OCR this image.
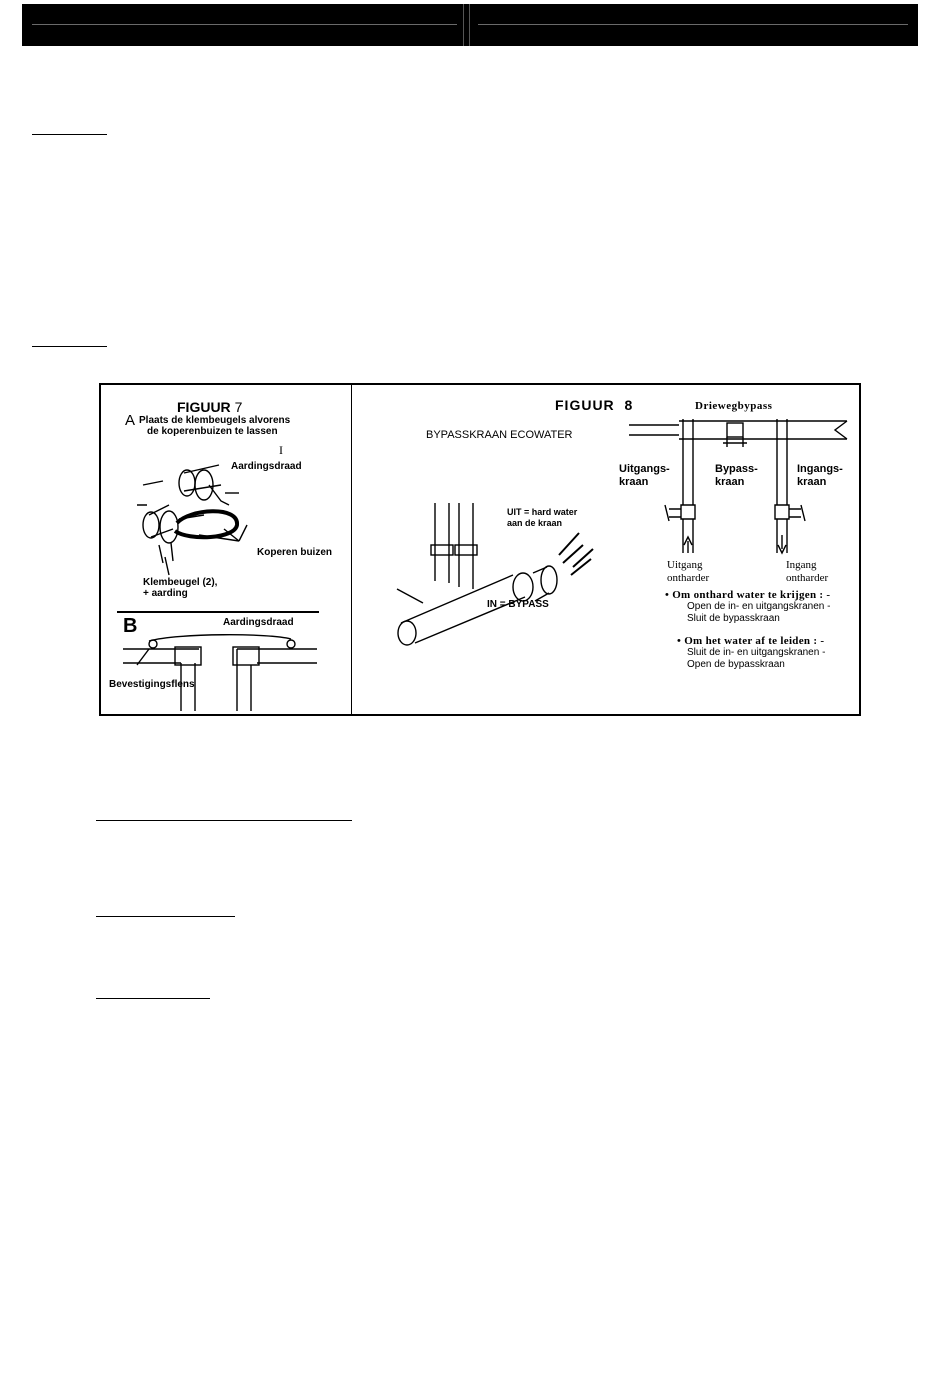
FIGUUR 7
A Plaats de klembeugels alvorens
de koperenbuizen te lassen
I
Aardingsdraad
Koperen buizen
Klembeugel (2),
+ aarding
B	Aardingsdraad
Bevestigingsflens
FIGUUR  8
BYPASSKRAAN ECOWATER
UIT = hard water
aan de kraan
IN = BYPASS
Driewegbypass
Uitgangs-
kraan
Bypass-
kraan
Ingangs-
kraan
Uitgang
ontharder
Ingang
ontharder
• Om onthard water te krijgen : -
Open de in- en uitgangskranen -
Sluit de bypasskraan
• Om het water af te leiden : -
Sluit de in- en uitgangskranen -
Open de bypasskraan
